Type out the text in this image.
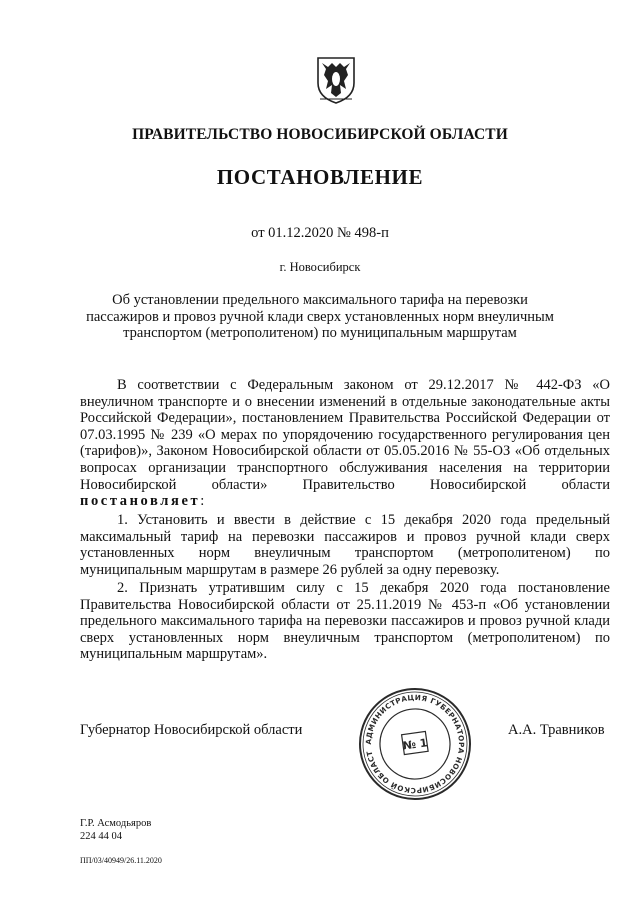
ПРАВИТЕЛЬСТВО НОВОСИБИРСКОЙ ОБЛАСТИ
ПОСТАНОВЛЕНИЕ
от 01.12.2020 № 498-п
г. Новосибирск
Об установлении предельного максимального тарифа на перевозки пассажиров и провоз ручной клади сверх установленных норм внеуличным транспортом (метрополитеном) по муниципальным маршрутам

В соответствии с Федеральным законом от 29.12.2017 № 442-ФЗ «О внеуличном транспорте и о внесении изменений в отдельные законодательные акты Российской Федерации», постановлением Правительства Российской Федерации от 07.03.1995 № 239 «О мерах по упорядочению государственного регулирования цен (тарифов)», Законом Новосибирской области от 05.05.2016 № 55-ОЗ «Об отдельных вопросах организации транспортного обслуживания населения на территории Новосибирской области» Правительство Новосибирской области постановляет:

1. Установить и ввести в действие с 15 декабря 2020 года предельный максимальный тариф на перевозки пассажиров и провоз ручной клади сверх установленных норм внеуличным транспортом (метрополитеном) по муниципальным маршрутам в размере 26 рублей за одну перевозку.

2. Признать утратившим силу с 15 декабря 2020 года постановление Правительства Новосибирской области от 25.11.2019 № 453-п «Об установлении предельного максимального тарифа на перевозки пассажиров и провоз ручной клади сверх установленных норм внеуличным транспортом (метрополитеном) по муниципальным маршрутам».

Губернатор Новосибирской области	А.А. Травников
АДМИНИСТРАЦИЯ ГУБЕРНАТОРА НОВОСИБИРСКОЙ ОБЛАСТИ
№ 1
Г.Р. Асмодьяров
224 44 04
ПП/03/40949/26.11.2020
